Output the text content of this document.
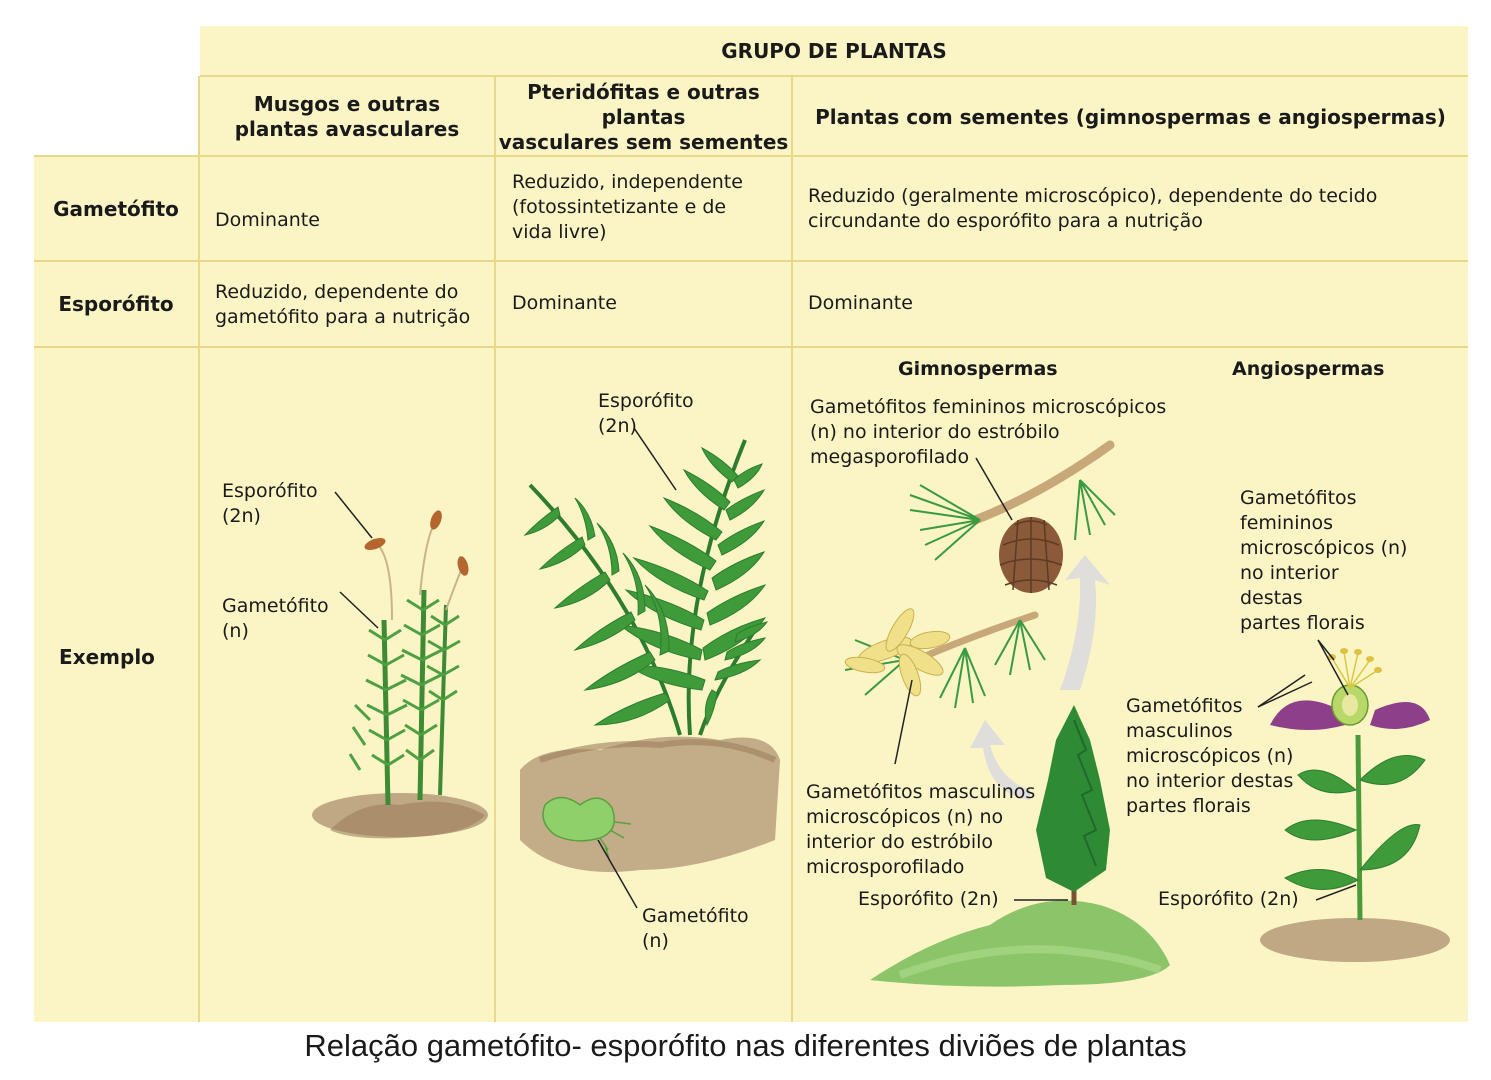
GRUPO DE PLANTAS
Musgos e outras
plantas avasculares
Pteridófitas e outras plantas
vasculares sem sementes
Plantas com sementes (gimnospermas e angiospermas)
Gametófito
Esporófito
Exemplo
Dominante
Reduzido, independente
(fotossintetizante e de
vida livre)
Reduzido (geralmente microscópico), dependente do tecido
circundante do esporófito para a nutrição
Reduzido, dependente do
gametófito para a nutrição
Dominante	Dominante
Esporófito
(2n)
Gametófito
(n)
Esporófito
(2n)
Gametófito
(n)
Gimnospermas
Gametófitos femininos microscópicos
(n) no interior do estróbilo
megasporofilado
Gametófitos masculinos
microscópicos (n) no
interior do estróbilo
microsporofilado
Esporófito (2n)
Angiospermas
Gametófitos
femininos
microscópicos (n)
no interior
destas
partes florais
Gametófitos
masculinos
microscópicos (n)
no interior destas
partes florais
Esporófito (2n)
Relação gametófito- esporófito nas diferentes diviões de plantas
